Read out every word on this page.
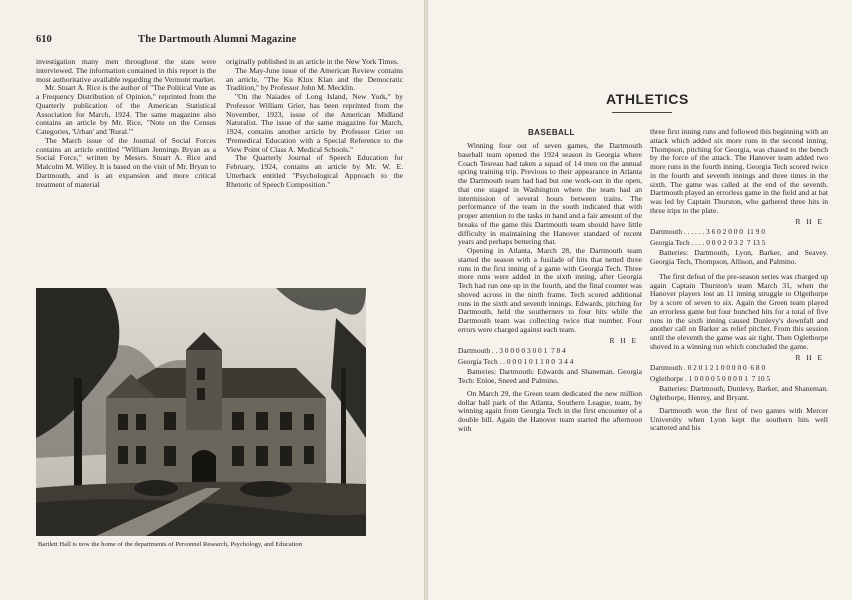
610	The Dartmouth Alumni Magazine

investigation many men throughout the state were interviewed. The information contained in this report is the most authoritative available regarding the Vermont market.

Mr. Stuart A. Rice is the author of "The Political Vote as a Frequency Distribution of Opinion," reprinted from the Quarterly publication of the American Statistical Association for March, 1924. The same magazine also contains an article by Mr. Rice, "Note on the Census Categories, 'Urban' and 'Rural.'"

The March issue of the Journal of Social Forces contains an article entitled "William Jennings Bryan as a Social Force," written by Messrs. Stuart A. Rice and Malcolm M. Willey. It is based on the visit of Mr. Bryan to Dartmouth, and is an expansion and more critical treatment of material

originally published in an article in the New York Times.

The May-June issue of the American Review contains an article, "The Ku Klux Klan and the Democratic Tradition," by Professor John M. Mecklin.

"On the Naiades of Long Island, New York," by Professor William Grier, has been reprinted from the November, 1923, issue of the American Midland Naturalist. The issue of the same magazine for March, 1924, contains another article by Professor Grier on 'Premedical Education with a Special Reference to the View Point of Class A. Medical Schools."

The Quarterly Journal of Speech Education for February, 1924, contains an article by Mr. W. E. Utterback entitled "Psychological Approach to the Rhetoric of Speech Composition."

Bartlett Hall is now the home of the departments of Personnel Research, Psychology, and Education
ATHLETICS
BASEBALL

Winning four out of seven games, the Dartmouth baseball team opened the 1924 season in Georgia where Coach Tesreau had taken a squad of 14 men on the annual spring training trip. Previous to their appearance in Atlanta the Dartmouth team had had but one work-out in the open, that one staged in Washington where the team had an intermission of several hours between trains. The performance of the team in the south indicated that with proper attention to the tasks in hand and a fair amount of the breaks of the game this Dartmouth team should have little difficulty in maintaining the Hanover standard of recent years and perhaps bettering that.

Opening in Atlanta, March 28, the Dartmouth team started the season with a fusilade of hits that netted three runs in the first inning of a game with Georgia Tech. Three more runs were added in the sixth inning, after Georgia Tech had run one up in the fourth, and the final counter was shoved across in the ninth frame. Tech scored additional runs in the sixth and seventh innings. Edwards, pitching for Dartmouth, held the southerners to four hits while the Dartmouth team was collecting twice that number. Four errors were charged against each team.

R H E
Dartmouth . . 3 0 0 0 0 3 0 0 1  7 8 4
Georgia Tech . . 0 0 0 1 0 1 1 0 0  3 4 4

Batteries: Dartmouth: Edwards and Shaneman. Georgia Tech: Enloe, Sneed and Palmino.

On March 29, the Green team dedicated the new million dollar ball park of the Atlanta, Southern League, team, by winning again from Georgia Tech in the first encounter of a double bill. Again the Hanover team started the afternoon with

three first inning runs and followed this beginning with an attack which added six more runs in the second inning. Thompson, pitching for Georgia, was chased to the bench by the force of the attack. The Hanover team added two more runs in the fourth inning. Georgia Tech scored twice in the fourth and seventh innings and three times in the sixth. The game was called at the end of the seventh. Dartmouth played an errorless game in the field and at bat was led by Captain Thurston, who gathered three hits in three trips to the plate.

R H E
Dartmouth . . . . . . 3 6 0 2 0 0 0  11 9 0
Georgia Tech . . . . 0 0 0 2 0 3 2  7 13 5

Batteries: Dartmouth, Lyon, Barker, and Seavey. Georgia Tech, Thompson, Allison, and Palmino.

The first defeat of the pre-season series was charged up again Captain Thurston's team March 31, when the Hanover players lost an 11 inning struggle to Olgethorpe by a score of seven to six. Again the Green team played an errorless game but four bunched hits for a total of five runs in the sixth inning caused Dunlevy's downfall and another call on Barker as relief pitcher. From this session until the eleventh the game was air tight. Then Oglethorpe shoved in a winning run which concluded the game.

R H E
Dartmouth . 0 2 0 1 2 1 0 0 0 0 0  6 8 0
Oglethorpe . 1 0 0 0 0 5 0 0 0 0 1  7 10 5

Batteries: Dartmouth, Dunlevy, Barker, and Shaneman. Oglethorpe, Henrey, and Bryant.

Dartmouth won the first of two games with Mercer University when Lyon kept the southern hits well scattered and his
